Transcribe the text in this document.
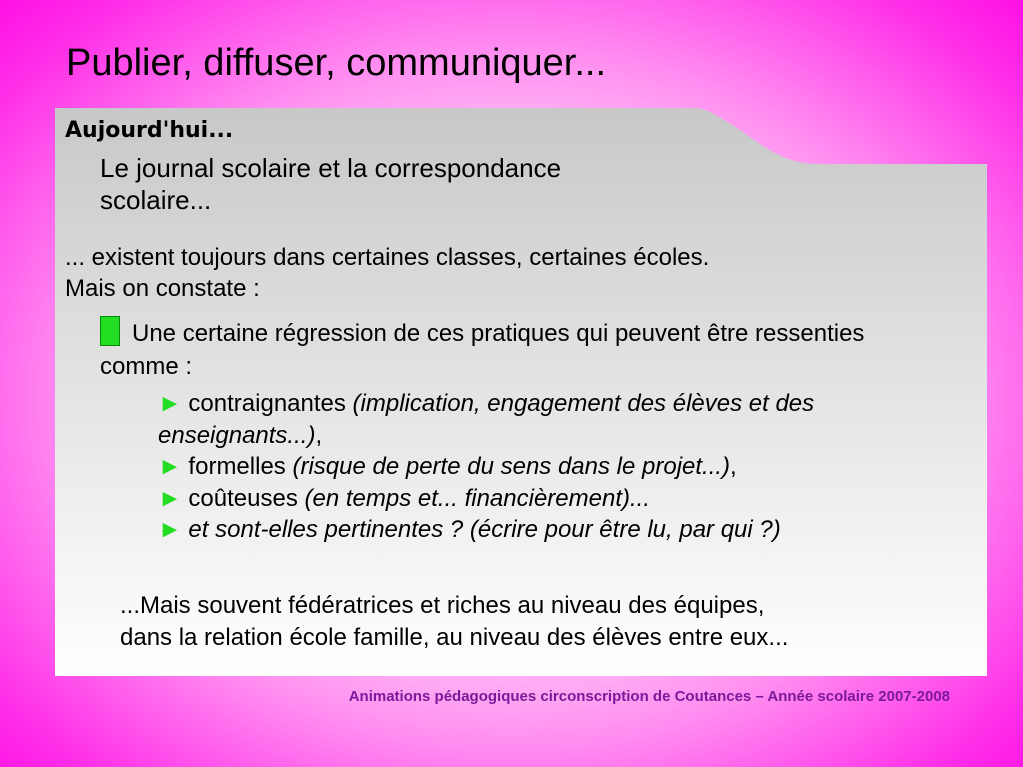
Publier, diffuser, communiquer...
Aujourd'hui...
Le journal scolaire et la correspondance
scolaire...
... existent toujours dans certaines classes, certaines écoles.
Mais on constate :
Une certaine régression de ces pratiques qui peuvent être ressenties comme :
► contraignantes (implication, engagement des élèves et des enseignants...),
► formelles (risque de perte du sens dans le projet...),
► coûteuses (en temps et... financièrement)...
► et sont-elles pertinentes ? (écrire pour être lu, par qui ?)
...Mais souvent fédératrices et riches au niveau des équipes,
dans la relation école famille, au niveau des élèves entre eux...
Animations pédagogiques circonscription de Coutances – Année scolaire 2007-2008
